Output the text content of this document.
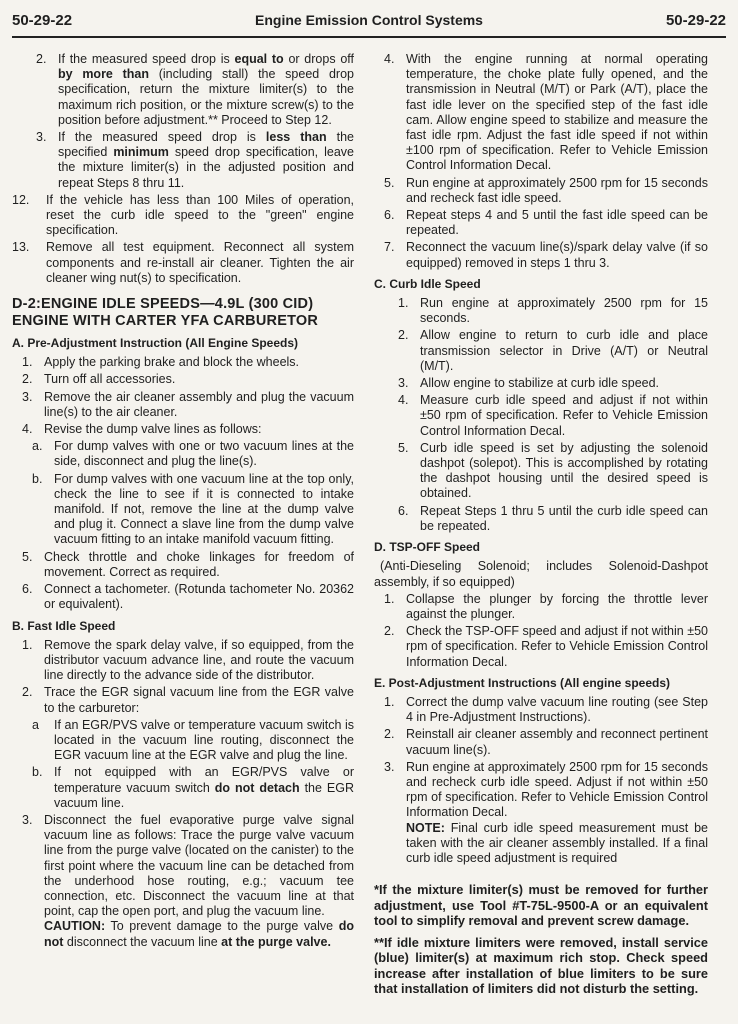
50-29-22	Engine Emission Control Systems	50-29-22
2. If the measured speed drop is equal to or drops off by more than (including stall) the speed drop specification, return the mixture limiter(s) to the maximum rich position, or the mixture screw(s) to the position before adjustment.** Proceed to Step 12.
3. If the measured speed drop is less than the specified minimum speed drop specification, leave the mixture limiter(s) in the adjusted position and repeat Steps 8 thru 11.
12.	If the vehicle has less than 100 Miles of operation, reset the curb idle speed to the "green" engine specification.
13.	Remove all test equipment. Reconnect all system components and re-install air cleaner. Tighten the air cleaner wing nut(s) to specification.
D-2:ENGINE IDLE SPEEDS—4.9L (300 CID)
ENGINE WITH CARTER YFA CARBURETOR
A. Pre-Adjustment Instruction (All Engine Speeds)
1. Apply the parking brake and block the wheels.
2. Turn off all accessories.
3. Remove the air cleaner assembly and plug the vacuum line(s) to the air cleaner.
4. Revise the dump valve lines as follows:
a. For dump valves with one or two vacuum lines at the side, disconnect and plug the line(s).
b. For dump valves with one vacuum line at the top only, check the line to see if it is connected to intake manifold. If not, remove the line at the dump valve and plug it. Connect a slave line from the dump valve vacuum fitting to an intake manifold vacuum fitting.
5. Check throttle and choke linkages for freedom of movement. Correct as required.
6. Connect a tachometer. (Rotunda tachometer No. 20362 or equivalent).
B. Fast Idle Speed
1. Remove the spark delay valve, if so equipped, from the distributor vacuum advance line, and route the vacuum line directly to the advance side of the distributor.
2. Trace the EGR signal vacuum line from the EGR valve to the carburetor:
a	If an EGR/PVS valve or temperature vacuum switch is located in the vacuum line routing, disconnect the EGR vacuum line at the EGR valve and plug the line.
b. If not equipped with an EGR/PVS valve or temperature vacuum switch do not detach the EGR vacuum line.
3. Disconnect the fuel evaporative purge valve signal vacuum line as follows: Trace the purge valve vacuum line from the purge valve (located on the canister) to the first point where the vacuum line can be detached from the underhood hose routing, e.g.; vacuum tee connection, etc. Disconnect the vacuum line at that point, cap the open port, and plug the vacuum line.
CAUTION: To prevent damage to the purge valve do not disconnect the vacuum line at the purge valve.
4. With the engine running at normal operating temperature, the choke plate fully opened, and the transmission in Neutral (M/T) or Park (A/T), place the fast idle lever on the specified step of the fast idle cam. Allow engine speed to stabilize and measure the fast idle rpm. Adjust the fast idle speed if not within ±100 rpm of specification. Refer to Vehicle Emission Control Information Decal.
5. Run engine at approximately 2500 rpm for 15 seconds and recheck fast idle speed.
6. Repeat steps 4 and 5 until the fast idle speed can be repeated.
7. Reconnect the vacuum line(s)/spark delay valve (if so equipped) removed in steps 1 thru 3.
C. Curb Idle Speed
1. Run engine at approximately 2500 rpm for 15 seconds.
2. Allow engine to return to curb idle and place transmission selector in Drive (A/T) or Neutral (M/T).
3. Allow engine to stabilize at curb idle speed.
4. Measure curb idle speed and adjust if not within ±50 rpm of specification. Refer to Vehicle Emission Control Information Decal.
5. Curb idle speed is set by adjusting the solenoid dashpot (solepot). This is accomplished by rotating the dashpot housing until the desired speed is obtained.
6. Repeat Steps 1 thru 5 until the curb idle speed can be repeated.
D. TSP-OFF Speed
(Anti-Dieseling Solenoid; includes Solenoid-Dashpot assembly, if so equipped)
1. Collapse the plunger by forcing the throttle lever against the plunger.
2. Check the TSP-OFF speed and adjust if not within ±50 rpm of specification. Refer to Vehicle Emission Control Information Decal.
E. Post-Adjustment Instructions (All engine speeds)
1. Correct the dump valve vacuum line routing (see Step 4 in Pre-Adjustment Instructions).
2. Reinstall air cleaner assembly and reconnect pertinent vacuum line(s).
3. Run engine at approximately 2500 rpm for 15 seconds and recheck curb idle speed. Adjust if not within ±50 rpm of specification. Refer to Vehicle Emission Control Information Decal.
NOTE: Final curb idle speed measurement must be taken with the air cleaner assembly installed. If a final curb idle speed adjustment is required
*If the mixture limiter(s) must be removed for further adjustment, use Tool #T-75L-9500-A or an equivalent tool to simplify removal and prevent screw damage.
**If idle mixture limiters were removed, install service (blue) limiter(s) at maximum rich stop. Check speed increase after installation of blue limiters to be sure that installation of limiters did not disturb the setting.
